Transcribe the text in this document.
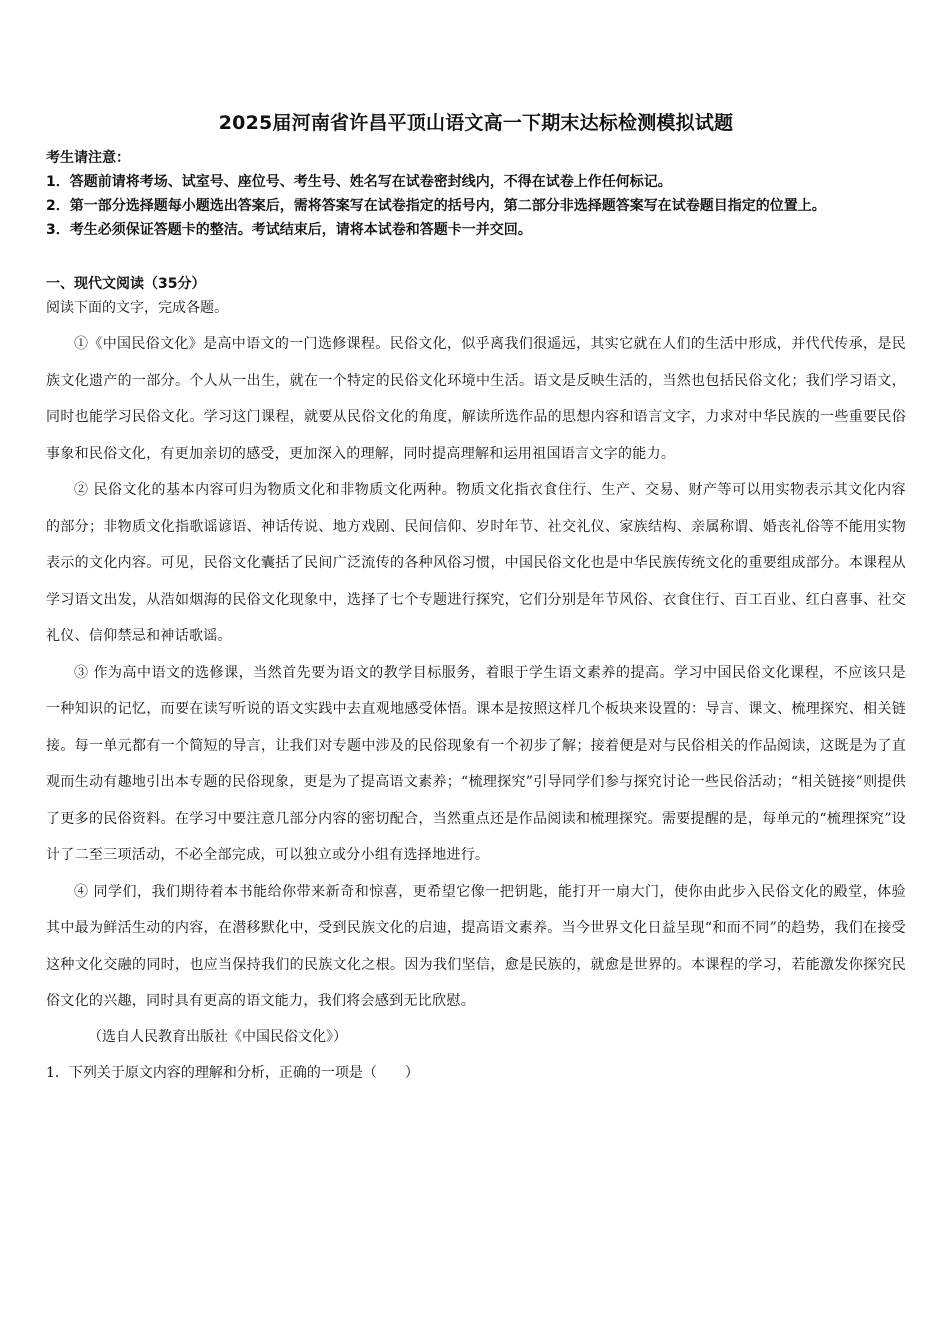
2025届河南省许昌平顶山语文高一下期末达标检测模拟试题

考生请注意：

1．答题前请将考场、试室号、座位号、考生号、姓名写在试卷密封线内，不得在试卷上作任何标记。

2．第一部分选择题每小题选出答案后，需将答案写在试卷指定的括号内，第二部分非选择题答案写在试卷题目指定的位置上。

3．考生必须保证答题卡的整洁。考试结束后，请将本试卷和答题卡一并交回。

一、现代文阅读（35分）
阅读下面的文字，完成各题。

①《中国民俗文化》是高中语文的一门选修课程。民俗文化，似乎离我们很遥远，其实它就在人们的生活中形成，并代代传承，是民族文化遗产的一部分。个人从一出生，就在一个特定的民俗文化环境中生活。语文是反映生活的，当然也包括民俗文化；我们学习语文，同时也能学习民俗文化。学习这门课程，就要从民俗文化的角度，解读所选作品的思想内容和语言文字，力求对中华民族的一些重要民俗事象和民俗文化，有更加亲切的感受，更加深入的理解，同时提高理解和运用祖国语言文字的能力。

② 民俗文化的基本内容可归为物质文化和非物质文化两种。物质文化指衣食住行、生产、交易、财产等可以用实物表示其文化内容的部分；非物质文化指歌谣谚语、神话传说、地方戏剧、民间信仰、岁时年节、社交礼仪、家族结构、亲属称谓、婚丧礼俗等不能用实物表示的文化内容。可见，民俗文化囊括了民间广泛流传的各种风俗习惯，中国民俗文化也是中华民族传统文化的重要组成部分。本课程从学习语文出发，从浩如烟海的民俗文化现象中，选择了七个专题进行探究，它们分别是年节风俗、衣食住行、百工百业、红白喜事、社交礼仪、信仰禁忌和神话歌谣。

③ 作为高中语文的选修课，当然首先要为语文的教学目标服务，着眼于学生语文素养的提高。学习中国民俗文化课程，不应该只是一种知识的记忆，而要在读写听说的语文实践中去直观地感受体悟。课本是按照这样几个板块来设置的：导言、课文、梳理探究、相关链接。每一单元都有一个简短的导言，让我们对专题中涉及的民俗现象有一个初步了解；接着便是对与民俗相关的作品阅读，这既是为了直观而生动有趣地引出本专题的民俗现象，更是为了提高语文素养；“梳理探究”引导同学们参与探究讨论一些民俗活动；“相关链接”则提供了更多的民俗资料。在学习中要注意几部分内容的密切配合，当然重点还是作品阅读和梳理探究。需要提醒的是，每单元的“梳理探究”设计了二至三项活动，不必全部完成，可以独立或分小组有选择地进行。

④ 同学们，我们期待着本书能给你带来新奇和惊喜，更希望它像一把钥匙，能打开一扇大门，使你由此步入民俗文化的殿堂，体验其中最为鲜活生动的内容，在潜移默化中，受到民族文化的启迪，提高语文素养。当今世界文化日益呈现“和而不同”的趋势，我们在接受这种文化交融的同时，也应当保持我们的民族文化之根。因为我们坚信，愈是民族的，就愈是世界的。本课程的学习，若能激发你探究民俗文化的兴趣，同时具有更高的语文能力，我们将会感到无比欣慰。

（选自人民教育出版社《中国民俗文化》）
1．下列关于原文内容的理解和分析，正确的一项是（　　）
